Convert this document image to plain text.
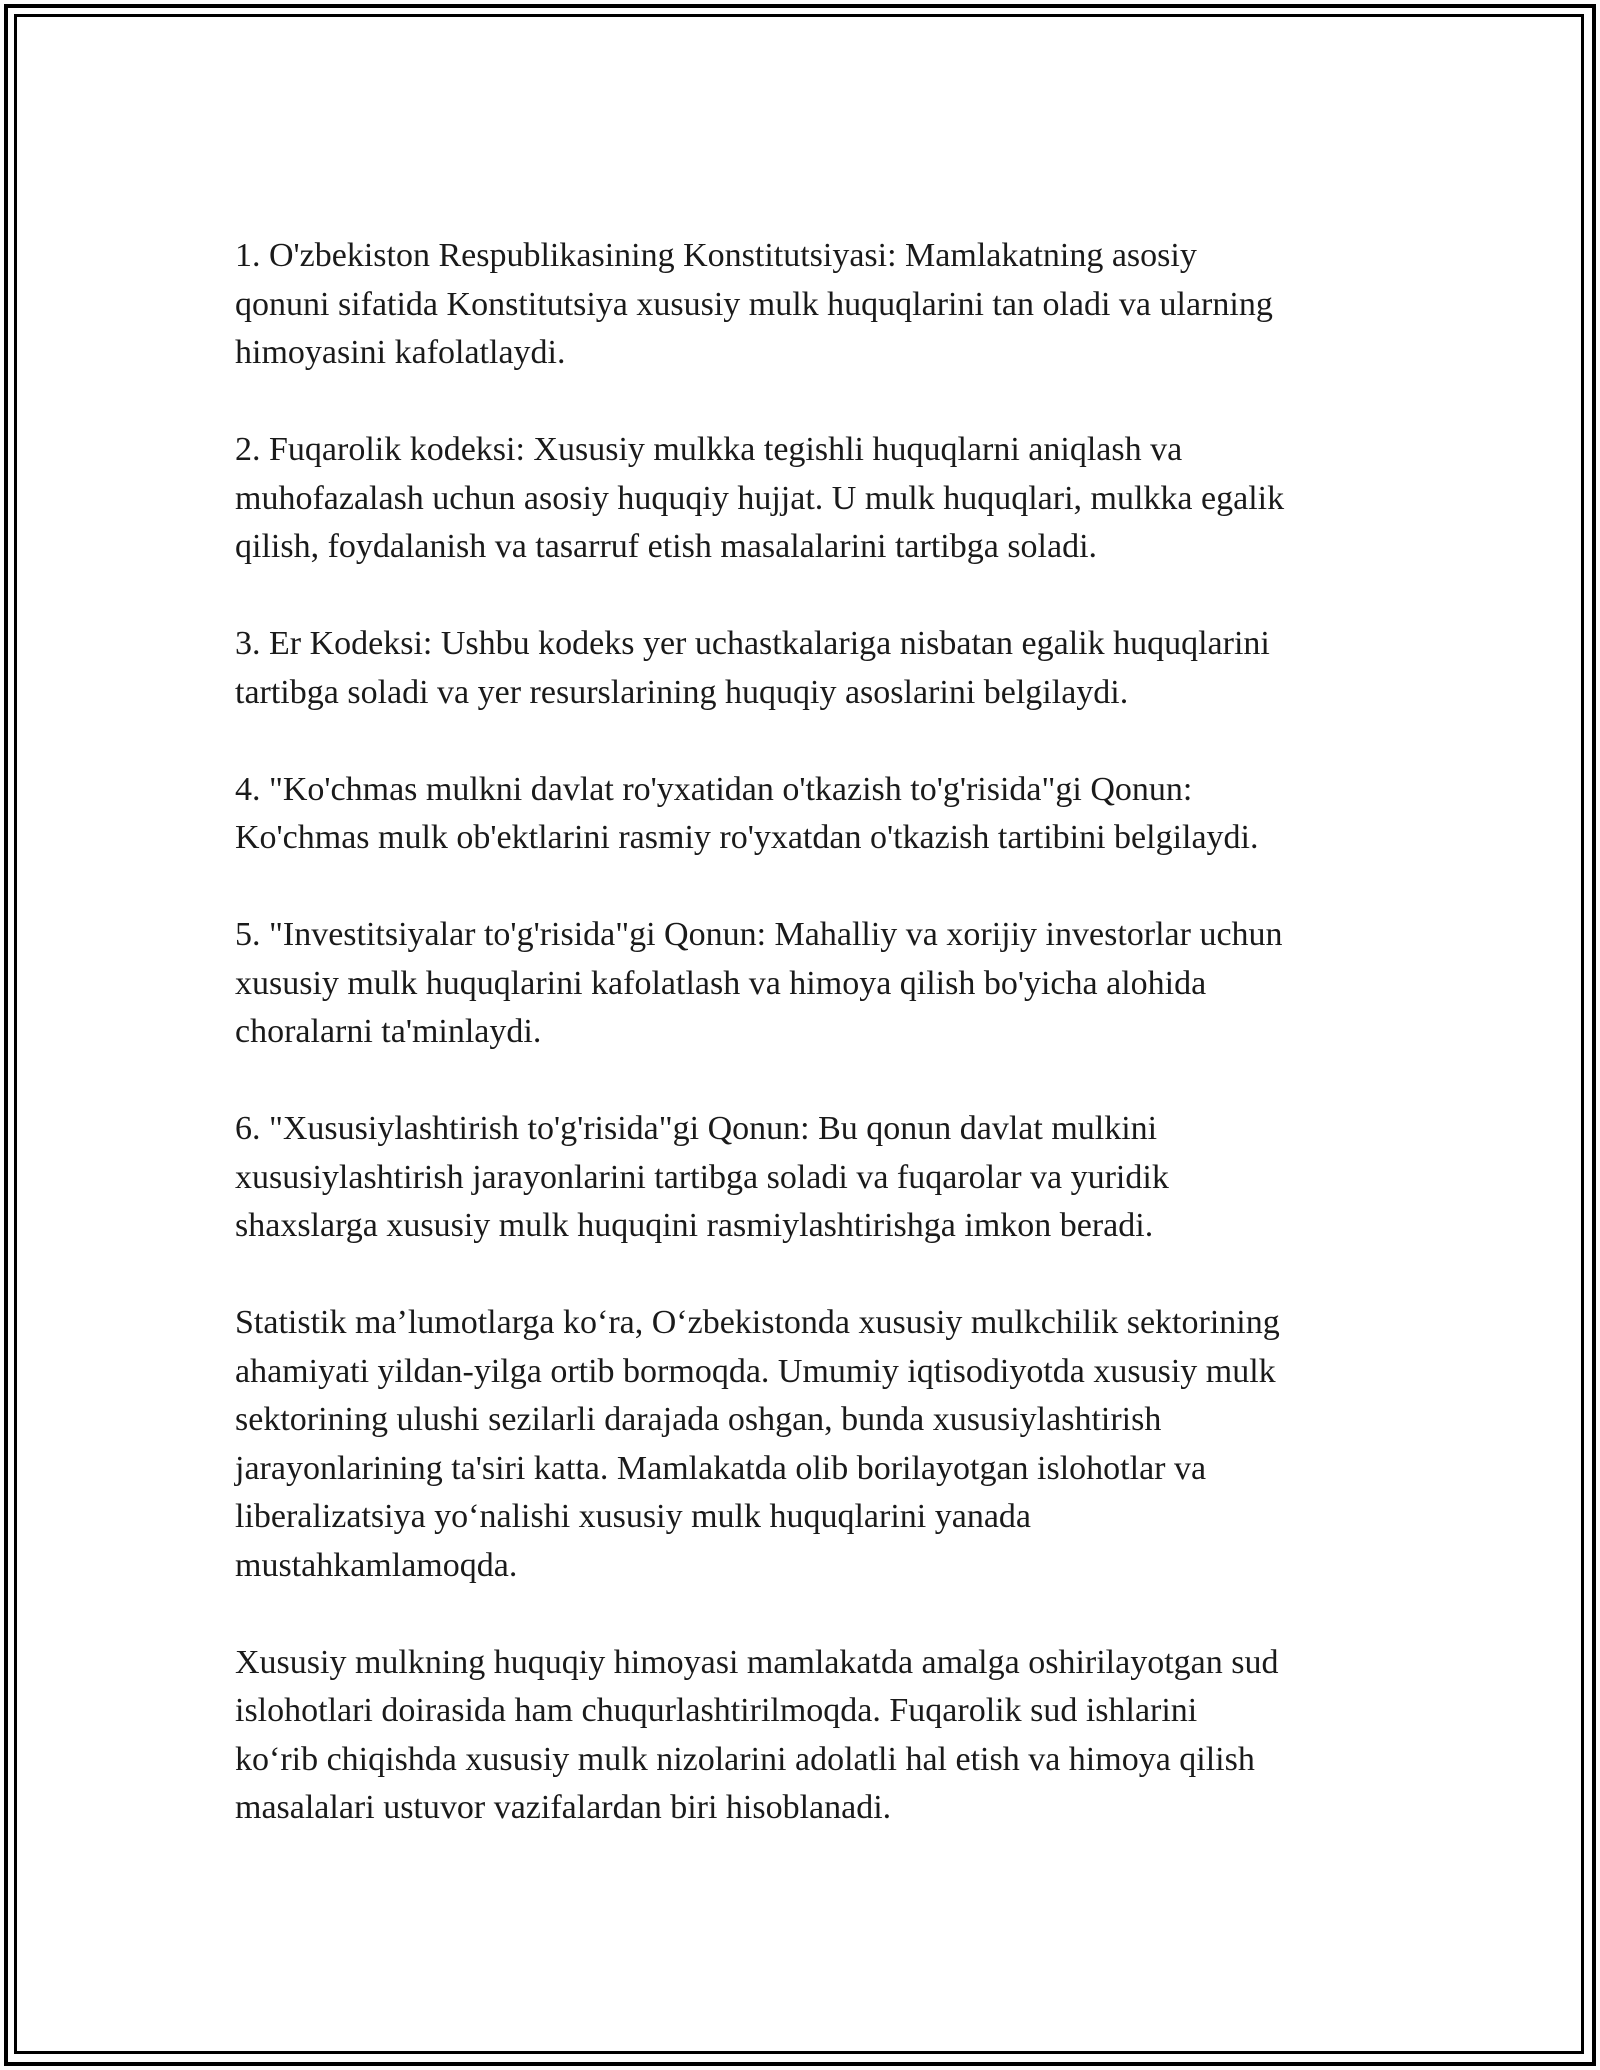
1. O'zbekiston Respublikasining Konstitutsiyasi: Mamlakatning asosiy
qonuni sifatida Konstitutsiya xususiy mulk huquqlarini tan oladi va ularning
himoyasini kafolatlaydi.

2. Fuqarolik kodeksi: Xususiy mulkka tegishli huquqlarni aniqlash va
muhofazalash uchun asosiy huquqiy hujjat. U mulk huquqlari, mulkka egalik
qilish, foydalanish va tasarruf etish masalalarini tartibga soladi.

3. Er Kodeksi: Ushbu kodeks yer uchastkalariga nisbatan egalik huquqlarini
tartibga soladi va yer resurslarining huquqiy asoslarini belgilaydi.

4. "Ko'chmas mulkni davlat ro'yxatidan o'tkazish to'g'risida"gi Qonun:
Ko'chmas mulk ob'ektlarini rasmiy ro'yxatdan o'tkazish tartibini belgilaydi.

5. "Investitsiyalar to'g'risida"gi Qonun: Mahalliy va xorijiy investorlar uchun
xususiy mulk huquqlarini kafolatlash va himoya qilish bo'yicha alohida
choralarni ta'minlaydi.

6. "Xususiylashtirish to'g'risida"gi Qonun: Bu qonun davlat mulkini
xususiylashtirish jarayonlarini tartibga soladi va fuqarolar va yuridik
shaxslarga xususiy mulk huquqini rasmiylashtirishga imkon beradi.

Statistik ma’lumotlarga ko‘ra, O‘zbekistonda xususiy mulkchilik sektorining
ahamiyati yildan-yilga ortib bormoqda. Umumiy iqtisodiyotda xususiy mulk
sektorining ulushi sezilarli darajada oshgan, bunda xususiylashtirish
jarayonlarining ta'siri katta. Mamlakatda olib borilayotgan islohotlar va
liberalizatsiya yo‘nalishi xususiy mulk huquqlarini yanada
mustahkamlamoqda.

Xususiy mulkning huquqiy himoyasi mamlakatda amalga oshirilayotgan sud
islohotlari doirasida ham chuqurlashtirilmoqda. Fuqarolik sud ishlarini
ko‘rib chiqishda xususiy mulk nizolarini adolatli hal etish va himoya qilish
masalalari ustuvor vazifalardan biri hisoblanadi.
